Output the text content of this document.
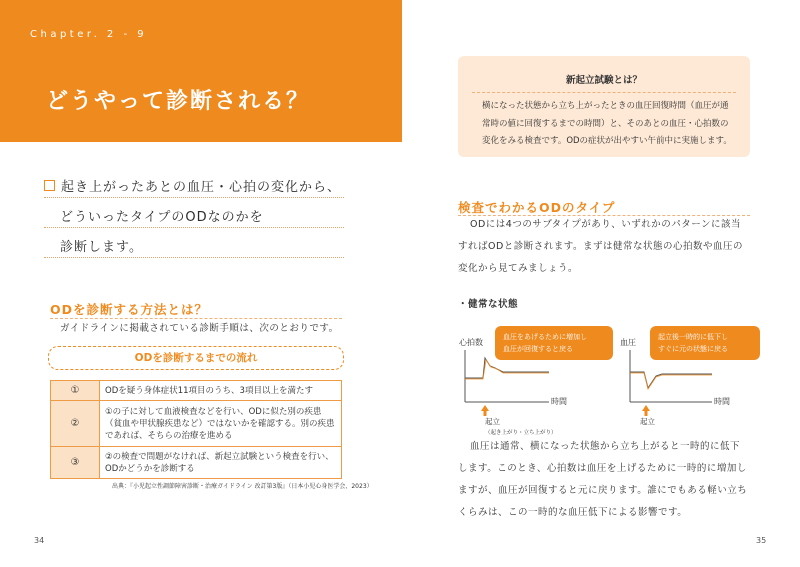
Chapter. 2 - 9
どうやって診断される？
起き上がったあとの血圧・心拍の変化から、
どういったタイプのODなのかを
診断します。
ODを診断する方法とは？
ガイドラインに掲載されている診断手順は、次のとおりです。
ODを診断するまでの流れ
①	ODを疑う身体症状11項目のうち、3項目以上を満たす
②	①の子に対して血液検査などを行い、ODに似た別の疾患（貧血や甲状腺疾患など）ではないかを確認する。別の疾患であれば、そちらの治療を進める
③	②の検査で問題がなければ、新起立試験という検査を行い、ODかどうかを診断する
出典：『小児起立性調節障害診断・治療ガイドライン 改訂第3版』（日本小児心身医学会、2023）
34
新起立試験とは？
横になった状態から立ち上がったときの血圧回復時間（血圧が通常時の値に回復するまでの時間）と、そのあとの血圧・心拍数の変化をみる検査です。ODの症状が出やすい午前中に実施します。
検査でわかるODのタイプ
ODには4つのサブタイプがあり、いずれかのパターンに該当
すればODと診断されます。まずは健常な状態の心拍数や血圧の
変化から見てみましょう。
・健常な状態
心拍数
時間
起立
（起き上がり・立ち上がり）
血圧をあげるために増加し
血圧が回復すると戻る
血圧
時間
起立
起立後一時的に低下し
すぐに元の状態に戻る
血圧は通常、横になった状態から立ち上がると一時的に低下
します。このとき、心拍数は血圧を上げるために一時的に増加し
ますが、血圧が回復すると元に戻ります。誰にでもある軽い立ち
くらみは、この一時的な血圧低下による影響です。
35
